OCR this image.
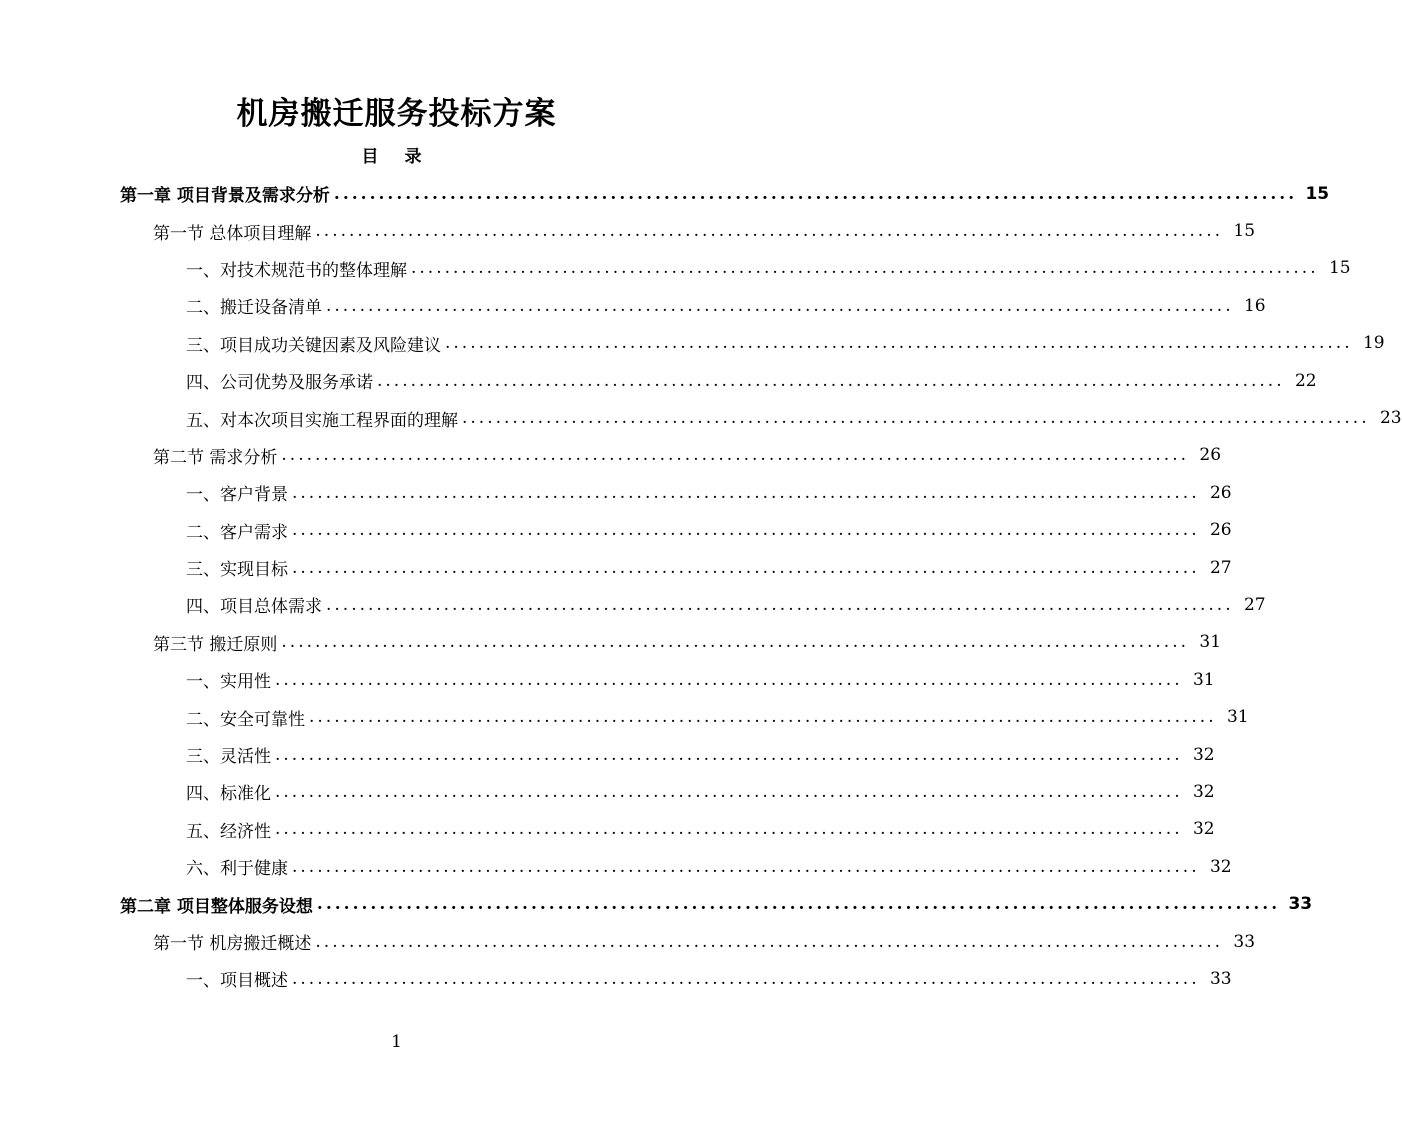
机房搬迁服务投标方案
目 录
第一章 项目背景及需求分析 ............................................................................................................ 15
第一节 总体项目理解 ............................................................................................................ 15
一、对技术规范书的整体理解 ............................................................................................................ 15
二、搬迁设备清单 ............................................................................................................ 16
三、项目成功关键因素及风险建议 ............................................................................................................ 19
四、公司优势及服务承诺 ............................................................................................................ 22
五、对本次项目实施工程界面的理解 ............................................................................................................ 23
第二节 需求分析 ............................................................................................................ 26
一、客户背景 ............................................................................................................ 26
二、客户需求 ............................................................................................................ 26
三、实现目标 ............................................................................................................ 27
四、项目总体需求 ............................................................................................................ 27
第三节 搬迁原则 ............................................................................................................ 31
一、实用性 ............................................................................................................ 31
二、安全可靠性 ............................................................................................................ 31
三、灵活性 ............................................................................................................ 32
四、标准化 ............................................................................................................ 32
五、经济性 ............................................................................................................ 32
六、利于健康 ............................................................................................................ 32
第二章 项目整体服务设想 ............................................................................................................ 33
第一节 机房搬迁概述 ............................................................................................................ 33
一、项目概述 ............................................................................................................ 33
1
